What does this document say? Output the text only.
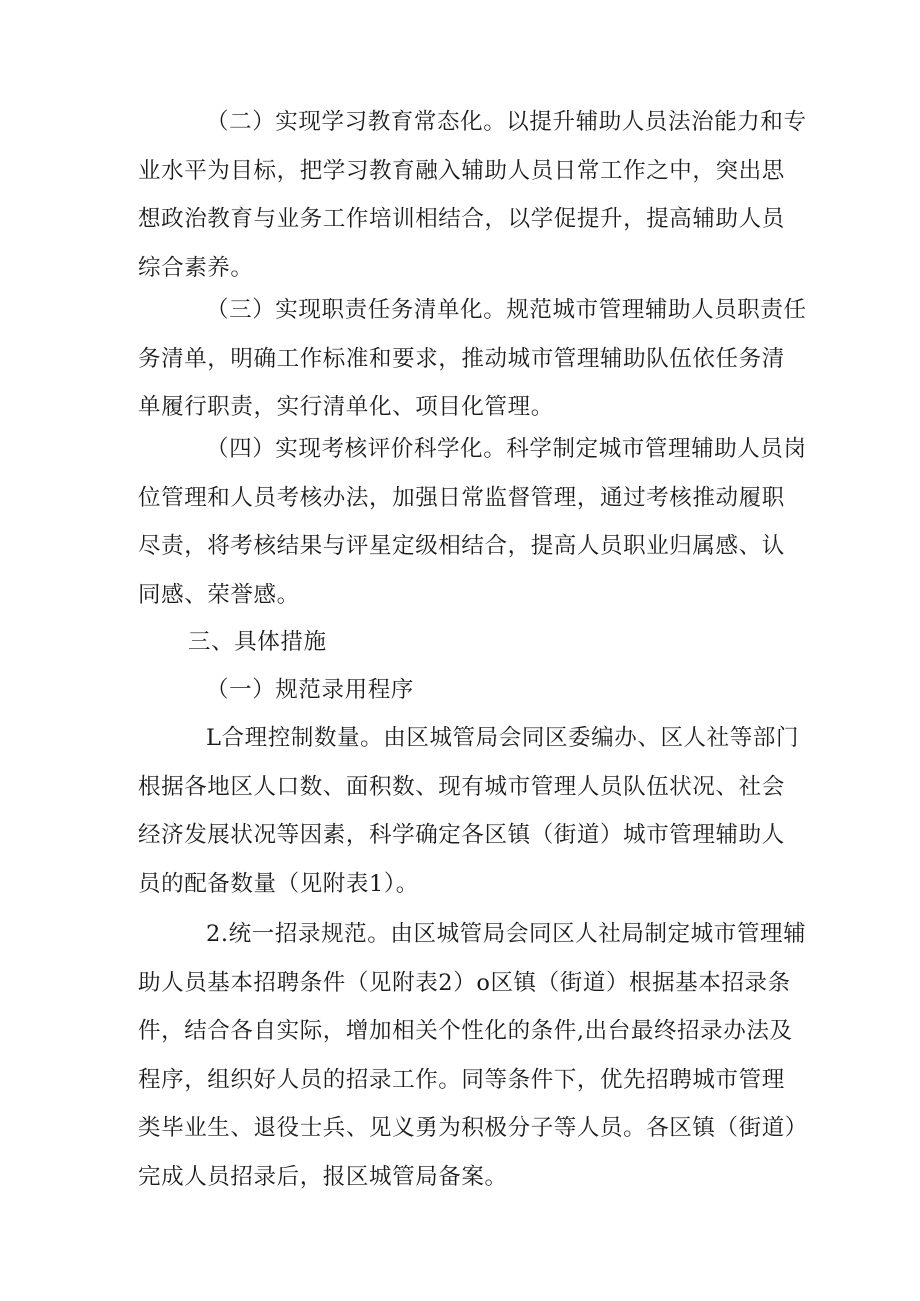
（二）实现学习教育常态化。以提升辅助人员法治能力和专
业水平为目标，把学习教育融入辅助人员日常工作之中，突出思
想政治教育与业务工作培训相结合，以学促提升，提高辅助人员
综合素养。
（三）实现职责任务清单化。规范城市管理辅助人员职责任
务清单，明确工作标准和要求，推动城市管理辅助队伍依任务清
单履行职责，实行清单化、项目化管理。
（四）实现考核评价科学化。科学制定城市管理辅助人员岗
位管理和人员考核办法，加强日常监督管理，通过考核推动履职
尽责，将考核结果与评星定级相结合，提高人员职业归属感、认
同感、荣誉感。
三、具体措施
（一）规范录用程序
L合理控制数量。由区城管局会同区委编办、区人社等部门
根据各地区人口数、面积数、现有城市管理人员队伍状况、社会
经济发展状况等因素，科学确定各区镇（街道）城市管理辅助人
员的配备数量（见附表1）。
2.统一招录规范。由区城管局会同区人社局制定城市管理辅
助人员基本招聘条件（见附表2）o区镇（街道）根据基本招录条
件，结合各自实际，增加相关个性化的条件,出台最终招录办法及
程序，组织好人员的招录工作。同等条件下，优先招聘城市管理
类毕业生、退役士兵、见义勇为积极分子等人员。各区镇（街道）
完成人员招录后，报区城管局备案。
